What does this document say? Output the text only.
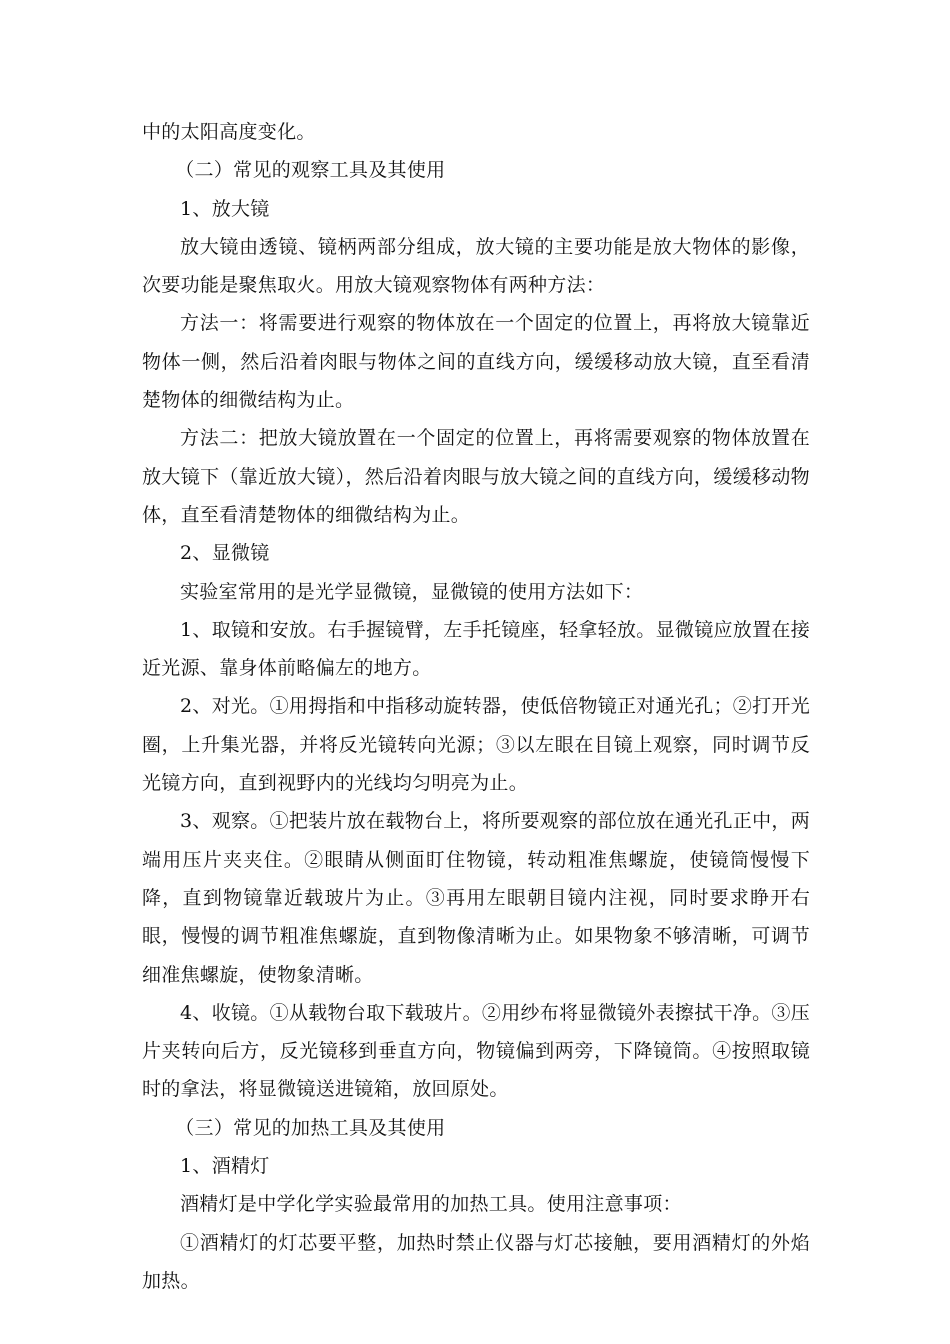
中的太阳高度变化。

（二）常见的观察工具及其使用

1、放大镜

放大镜由透镜、镜柄两部分组成，放大镜的主要功能是放大物体的影像，次要功能是聚焦取火。用放大镜观察物体有两种方法：

方法一：将需要进行观察的物体放在一个固定的位置上，再将放大镜靠近物体一侧，然后沿着肉眼与物体之间的直线方向，缓缓移动放大镜，直至看清楚物体的细微结构为止。

方法二：把放大镜放置在一个固定的位置上，再将需要观察的物体放置在放大镜下（靠近放大镜），然后沿着肉眼与放大镜之间的直线方向，缓缓移动物体，直至看清楚物体的细微结构为止。

2、显微镜

实验室常用的是光学显微镜，显微镜的使用方法如下：

1、取镜和安放。右手握镜臂，左手托镜座，轻拿轻放。显微镜应放置在接近光源、靠身体前略偏左的地方。

2、对光。①用拇指和中指移动旋转器，使低倍物镜正对通光孔；②打开光圈，上升集光器，并将反光镜转向光源；③以左眼在目镜上观察，同时调节反光镜方向，直到视野内的光线均匀明亮为止。

3、观察。①把装片放在载物台上，将所要观察的部位放在通光孔正中，两端用压片夹夹住。②眼睛从侧面盯住物镜，转动粗准焦螺旋，使镜筒慢慢下降，直到物镜靠近载玻片为止。③再用左眼朝目镜内注视，同时要求睁开右眼，慢慢的调节粗准焦螺旋，直到物像清晰为止。如果物象不够清晰，可调节细准焦螺旋，使物象清晰。

4、收镜。①从载物台取下载玻片。②用纱布将显微镜外表擦拭干净。③压片夹转向后方，反光镜移到垂直方向，物镜偏到两旁，下降镜筒。④按照取镜时的拿法，将显微镜送进镜箱，放回原处。

（三）常见的加热工具及其使用

1、酒精灯

酒精灯是中学化学实验最常用的加热工具。使用注意事项：

①酒精灯的灯芯要平整，加热时禁止仪器与灯芯接触，要用酒精灯的外焰加热。
